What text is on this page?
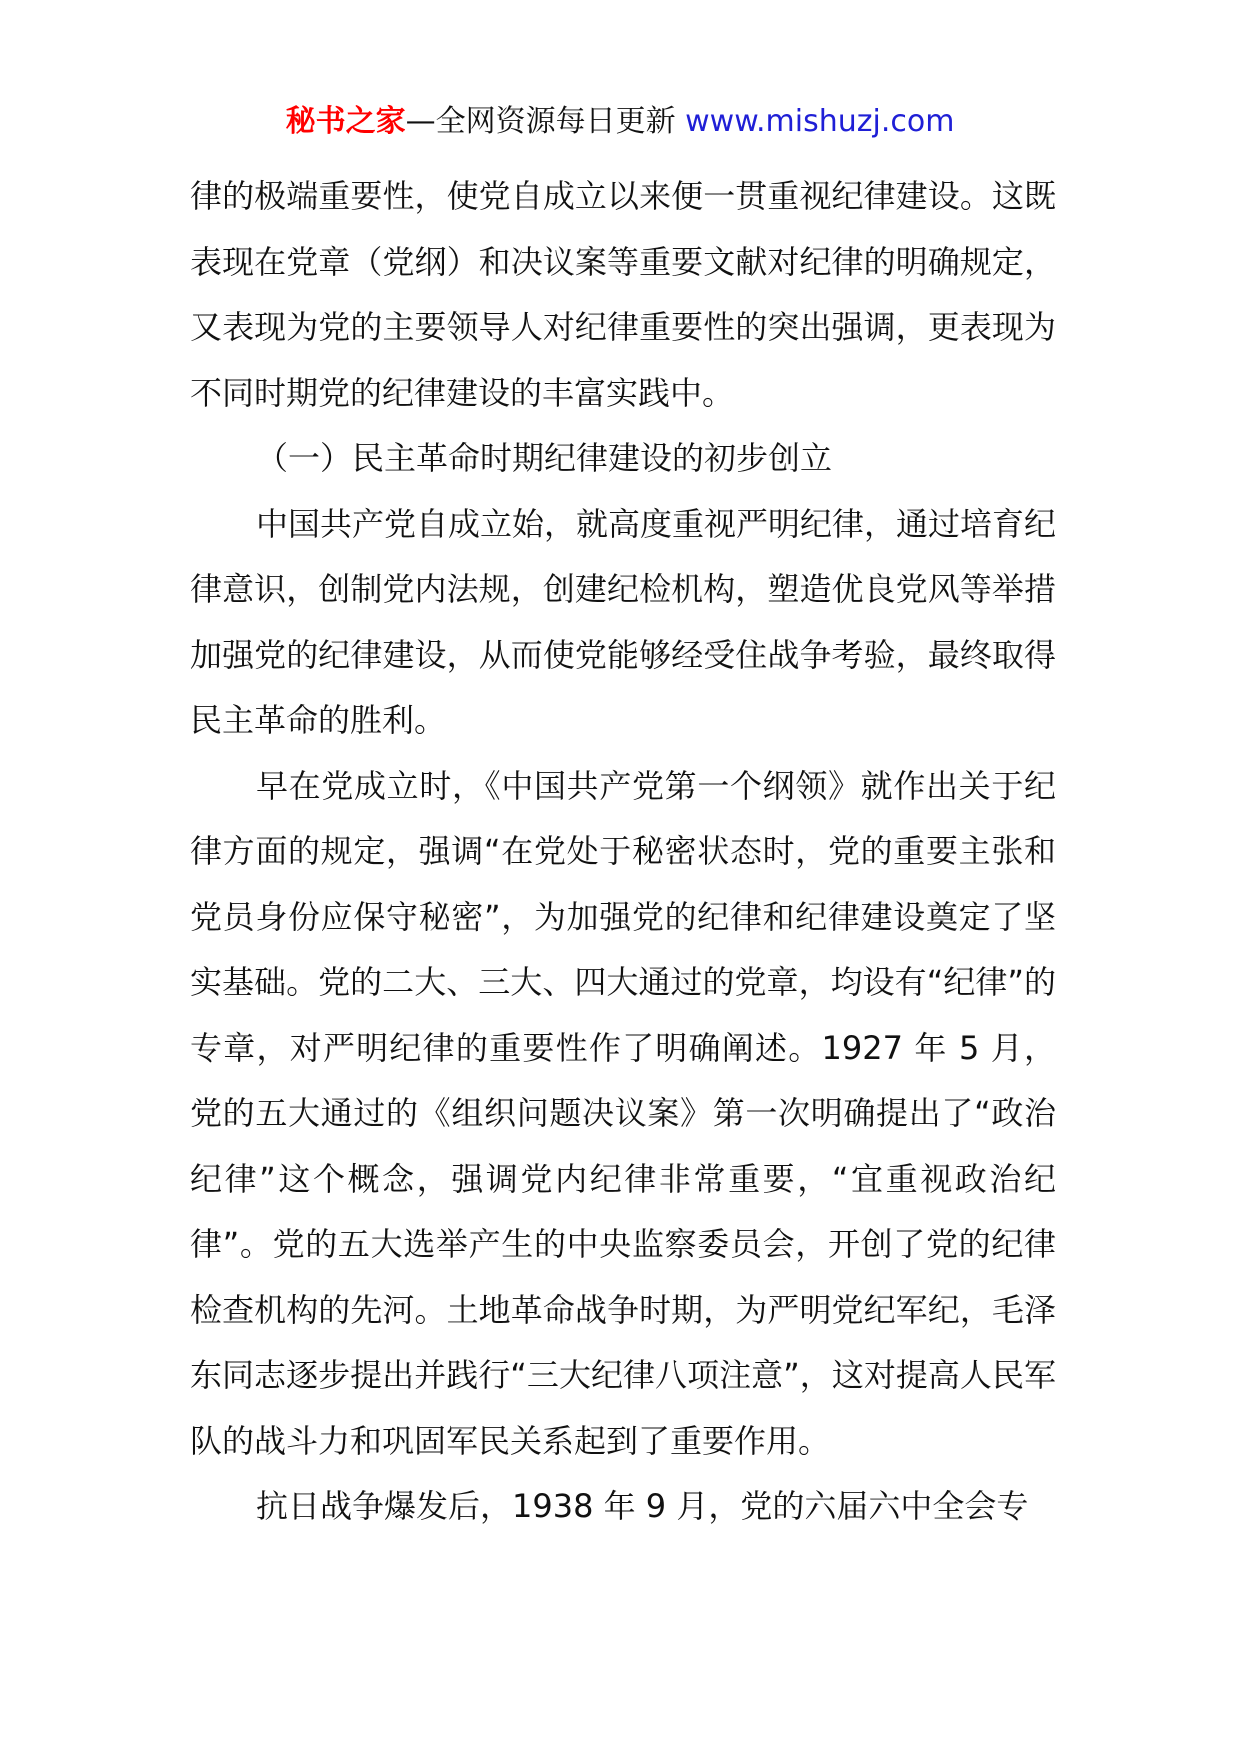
秘书之家—全网资源每日更新 www.mishuzj.com

律的极端重要性，使党自成立以来便一贯重视纪律建设。这既表现在党章（党纲）和决议案等重要文献对纪律的明确规定，又表现为党的主要领导人对纪律重要性的突出强调，更表现为不同时期党的纪律建设的丰富实践中。

（一）民主革命时期纪律建设的初步创立

中国共产党自成立始，就高度重视严明纪律，通过培育纪律意识，创制党内法规，创建纪检机构，塑造优良党风等举措加强党的纪律建设，从而使党能够经受住战争考验，最终取得民主革命的胜利。

早在党成立时，《中国共产党第一个纲领》就作出关于纪律方面的规定，强调“在党处于秘密状态时，党的重要主张和党员身份应保守秘密”，为加强党的纪律和纪律建设奠定了坚实基础。党的二大、三大、四大通过的党章，均设有“纪律”的专章，对严明纪律的重要性作了明确阐述。1927 年 5 月，党的五大通过的《组织问题决议案》第一次明确提出了“政治纪律”这个概念，强调党内纪律非常重要，“宜重视政治纪律”。党的五大选举产生的中央监察委员会，开创了党的纪律检查机构的先河。土地革命战争时期，为严明党纪军纪，毛泽东同志逐步提出并践行“三大纪律八项注意”，这对提高人民军队的战斗力和巩固军民关系起到了重要作用。

抗日战争爆发后，1938 年 9 月，党的六届六中全会专
